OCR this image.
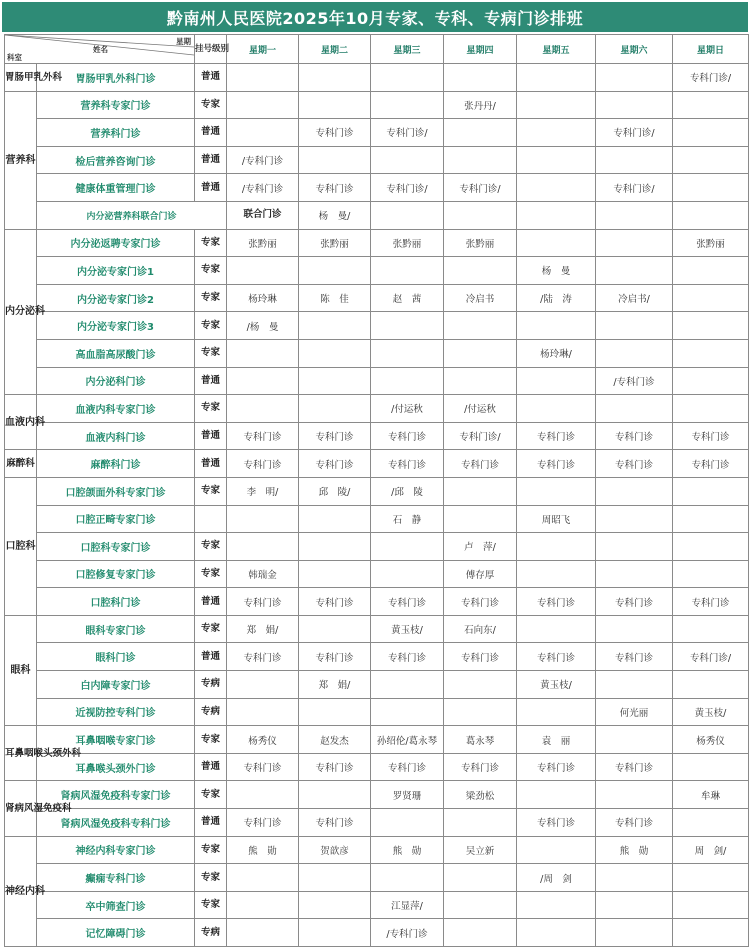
黔南州人民医院2025年10月专家、专科、专病门诊排班
星期
姓名
科室		挂号级别	星期一	星期二	星期三	星期四	星期五	星期六	星期日	
胃肠甲乳外科	胃肠甲乳外科门诊	普通							专科门诊/	
营养科	营养科专家门诊	专家				张丹丹/				
	营养科门诊	普通		专科门诊	专科门诊/			专科门诊/		
	检后营养咨询门诊	普通	/专科门诊							
	健康体重管理门诊	普通	/专科门诊	专科门诊	专科门诊/	专科门诊/		专科门诊/		
	内分泌营养科联合门诊		联合门诊	杨　曼/						
内分泌科	内分泌返聘专家门诊	专家	张黔丽	张黔丽	张黔丽	张黔丽			张黔丽	
	内分泌专家门诊1	专家					杨　曼			
	内分泌专家门诊2	专家	杨玲琳	陈　佳	赵　茜	冷启书	/陆　涛	冷启书/		
	内分泌专家门诊3	专家	/杨　曼							
	高血脂高尿酸门诊	专家					杨玲琳/			
	内分泌科门诊	普通						/专科门诊		
血液内科	血液内科专家门诊	专家			/付运秋	/付运秋				
	血液内科门诊	普通	专科门诊	专科门诊	专科门诊	专科门诊/	专科门诊	专科门诊	专科门诊	
麻醉科	麻醉科门诊	普通	专科门诊	专科门诊	专科门诊	专科门诊	专科门诊	专科门诊	专科门诊	
口腔科	口腔颌面外科专家门诊	专家	李　明/	邱　陵/	/邱　陵					
	口腔正畸专家门诊				石　静		周昭飞			
	口腔科专家门诊	专家				卢　萍/				
	口腔修复专家门诊	专家	韩瑞金			傅存厚				
	口腔科门诊	普通	专科门诊	专科门诊	专科门诊	专科门诊	专科门诊	专科门诊	专科门诊	
眼科	眼科专家门诊	专家	郑　娟/		黄玉枝/	石向东/				
	眼科门诊	普通	专科门诊	专科门诊	专科门诊	专科门诊	专科门诊	专科门诊	专科门诊/	
	白内障专家门诊	专病		郑　娟/			黄玉枝/			
	近视防控专科门诊	专病						何光丽	黄玉枝/	
耳鼻咽喉头颈外科	耳鼻咽喉专家门诊	专家	杨秀仪	赵发杰	孙绍伦/葛永琴	葛永琴	袁　丽		杨秀仪	
	耳鼻喉头颈外门诊	普通	专科门诊	专科门诊	专科门诊	专科门诊	专科门诊	专科门诊		
肾病风湿免疫科	肾病风湿免疫科专家门诊	专家			罗贤珊	梁劲松			牟琳	
	肾病风湿免疫科专科门诊	普通	专科门诊	专科门诊			专科门诊	专科门诊		
神经内科	神经内科专家门诊	专家	熊　勋	贺歆彦	熊　勋	吴立新		熊　勋	周　剑/	
	癫痫专科门诊	专家					/周　剑			
	卒中筛查门诊	专家			江显萍/					
	记忆障碍门诊	专病			/专科门诊					
